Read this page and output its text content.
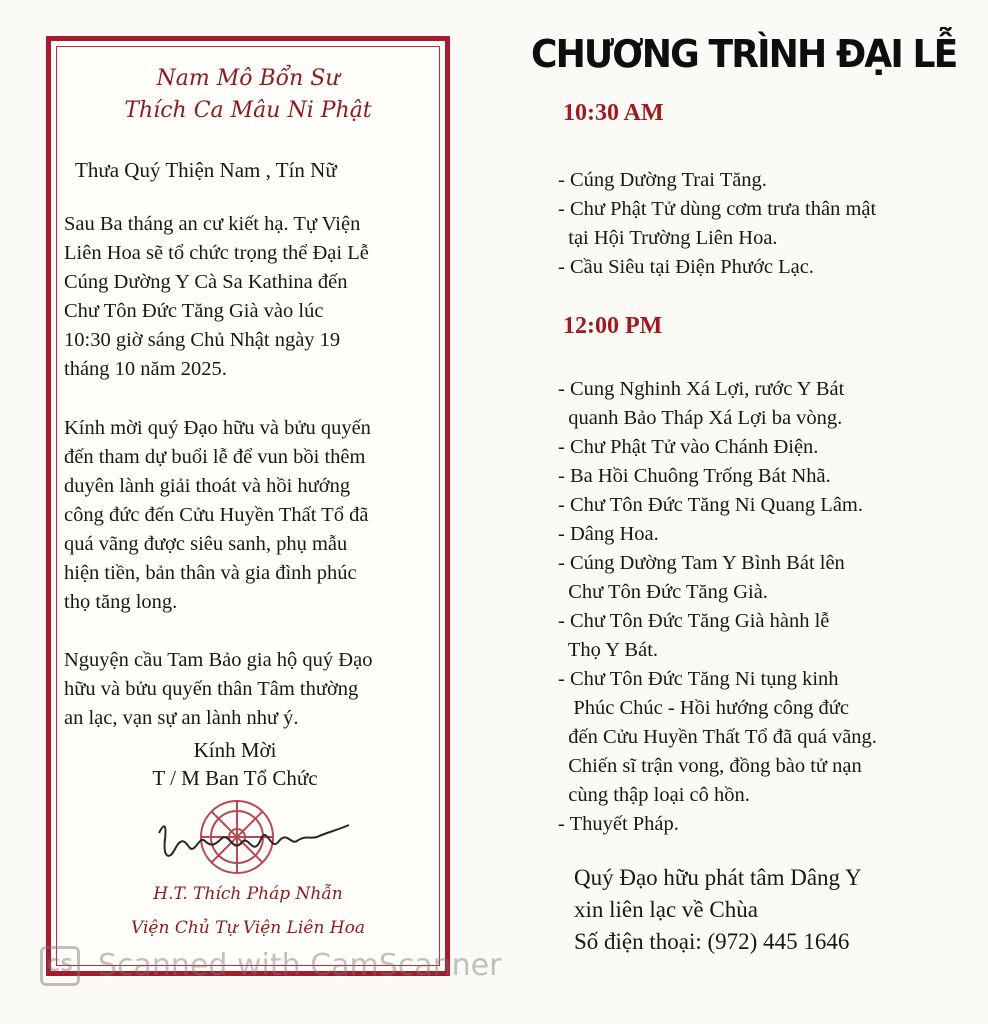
Nam Mô Bổn Sư
Thích Ca Mâu Ni Phật
Thưa Quý Thiện Nam , Tín Nữ
Sau Ba tháng an cư kiết hạ. Tự Viện
Liên Hoa sẽ tổ chức trọng thể Đại Lễ
Cúng Dường Y Cà Sa Kathina đến
Chư Tôn Đức Tăng Già vào lúc
10:30 giờ sáng Chủ Nhật ngày 19
tháng 10 năm 2025.
Kính mời quý Đạo hữu và bửu quyến
đến tham dự buổi lễ để vun bồi thêm
duyên lành giải thoát và hồi hướng
công đức đến Cửu Huyền Thất Tổ đã
quá vãng được siêu sanh, phụ mẫu
hiện tiền, bản thân và gia đình phúc
thọ tăng long.
Nguyện cầu Tam Bảo gia hộ quý Đạo
hữu và bửu quyến thân Tâm thường
an lạc, vạn sự an lành như ý.
Kính Mời
T / M Ban Tổ Chức
H.T. Thích Pháp Nhẫn
Viện Chủ Tự Viện Liên Hoa
CS Scanned with CamScanner
CHƯƠNG TRÌNH ĐẠI LỄ
10:30 AM
- Cúng Dường Trai Tăng.
- Chư Phật Tử dùng cơm trưa thân mật
tại Hội Trường Liên Hoa.
- Cầu Siêu tại Điện Phước Lạc.
12:00 PM
- Cung Nghinh Xá Lợi, rước Y Bát
quanh Bảo Tháp Xá Lợi ba vòng.
- Chư Phật Tử vào Chánh Điện.
- Ba Hồi Chuông Trống Bát Nhã.
- Chư Tôn Đức Tăng Ni Quang Lâm.
- Dâng Hoa.
- Cúng Dường Tam Y Bình Bát lên
Chư Tôn Đức Tăng Già.
- Chư Tôn Đức Tăng Già hành lễ
Thọ Y Bát.
- Chư Tôn Đức Tăng Ni tụng kinh
Phúc Chúc - Hồi hướng công đức
đến Cửu Huyền Thất Tổ đã quá vãng.
Chiến sĩ trận vong, đồng bào tử nạn
cùng thập loại cô hồn.
- Thuyết Pháp.
Quý Đạo hữu phát tâm Dâng Y
xin liên lạc về Chùa
Số điện thoại: (972) 445 1646
